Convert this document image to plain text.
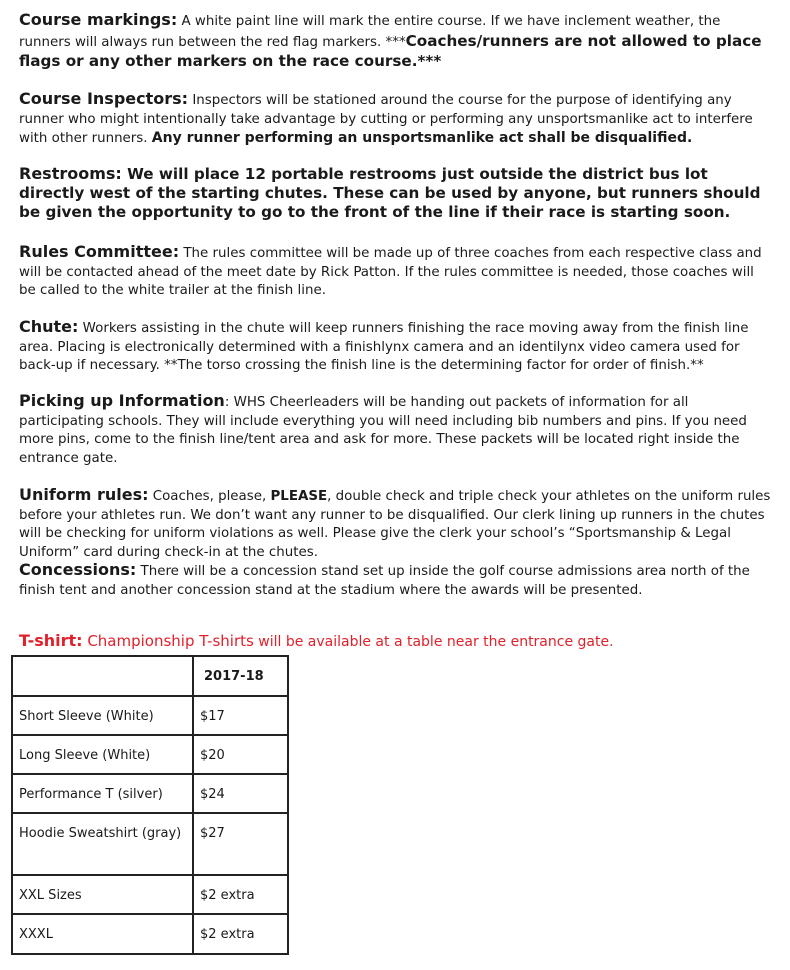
Course markings: A white paint line will mark the entire course. If we have inclement weather, the runners will always run between the red flag markers. ***Coaches/runners are not allowed to place flags or any other markers on the race course.***

Course Inspectors: Inspectors will be stationed around the course for the purpose of identifying any runner who might intentionally take advantage by cutting or performing any unsportsmanlike act to interfere with other runners. Any runner performing an unsportsmanlike act shall be disqualified.

Restrooms: We will place 12 portable restrooms just outside the district bus lot directly west of the starting chutes. These can be used by anyone, but runners should be given the opportunity to go to the front of the line if their race is starting soon.

Rules Committee: The rules committee will be made up of three coaches from each respective class and will be contacted ahead of the meet date by Rick Patton. If the rules committee is needed, those coaches will be called to the white trailer at the finish line.

Chute: Workers assisting in the chute will keep runners finishing the race moving away from the finish line area. Placing is electronically determined with a finishlynx camera and an identilynx video camera used for back-up if necessary. **The torso crossing the finish line is the determining factor for order of finish.**

Picking up Information: WHS Cheerleaders will be handing out packets of information for all participating schools. They will include everything you will need including bib numbers and pins. If you need more pins, come to the finish line/tent area and ask for more. These packets will be located right inside the entrance gate.

Uniform rules: Coaches, please, PLEASE, double check and triple check your athletes on the uniform rules before your athletes run. We don’t want any runner to be disqualified. Our clerk lining up runners in the chutes will be checking for uniform violations as well. Please give the clerk your school’s “Sportsmanship & Legal Uniform” card during check-in at the chutes.

Concessions: There will be a concession stand set up inside the golf course admissions area north of the finish tent and another concession stand at the stadium where the awards will be presented.

T-shirt: Championship T-shirts will be available at a table near the entrance gate.

	2017-18
Short Sleeve (White)	$17
Long Sleeve (White)	$20
Performance T (silver)	$24
Hoodie Sweatshirt (gray)	$27
XXL Sizes	$2 extra
XXXL	$2 extra
